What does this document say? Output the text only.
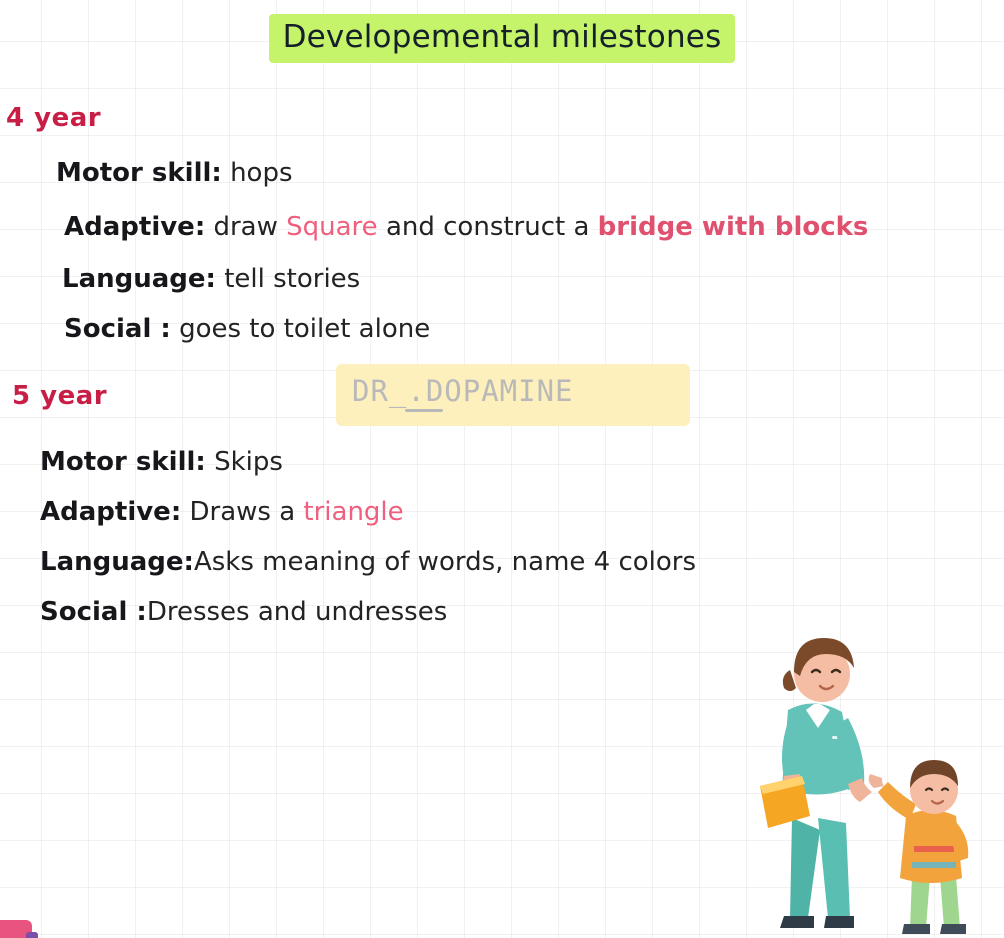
Developemental milestones
4 year
Motor skill: hops
Adaptive: draw Square and construct a bridge with blocks
Language: tell stories
Social : goes to toilet alone
5 year
Motor skill: Skips
Adaptive: Draws a triangle
Language:Asks meaning of words, name 4 colors
Social :Dresses and undresses
DR_.DOPAMINE
